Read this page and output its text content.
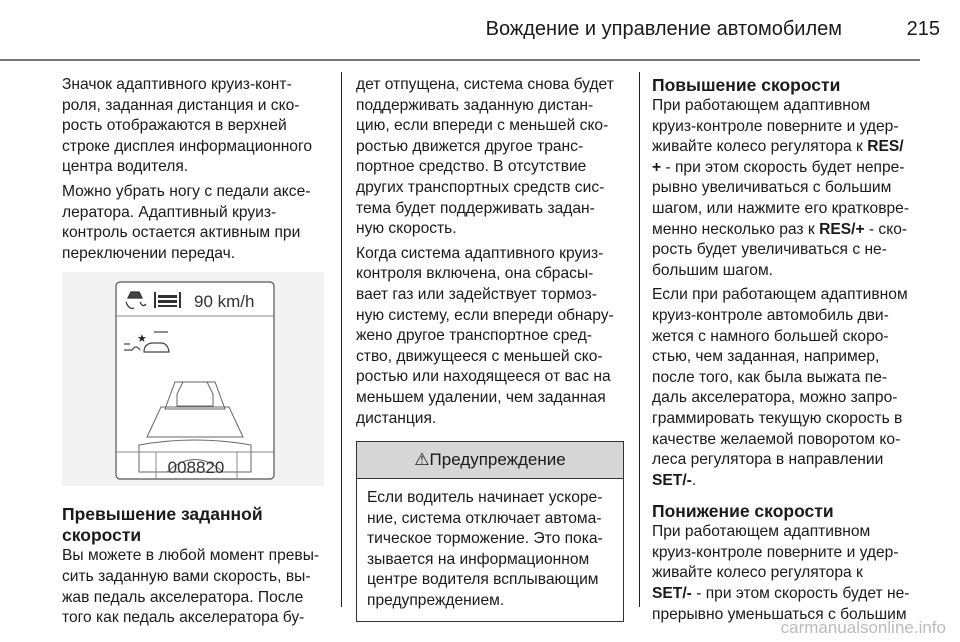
Вождение и управление автомобилем	215
Значок адаптивного круиз-конт-
роля, заданная дистанция и ско-
рость отображаются в верхней
строке дисплея информационного
центра водителя.
Можно убрать ногу с педали аксе-
лератора. Адаптивный круиз-
контроль остается активным при
переключении передач.
90 km/h
★
008820
Превышение заданной
скорости
Вы можете в любой момент превы-
сить заданную вами скорость, вы-
жав педаль акселератора. После
того как педаль акселератора бу-
дет отпущена, система снова будет
поддерживать заданную дистан-
цию, если впереди с меньшей ско-
ростью движется другое транс-
портное средство. В отсутствие
других транспортных средств сис-
тема будет поддерживать задан-
ную скорость.
Когда система адаптивного круиз-
контроля включена, она сбрасы-
вает газ или задействует тормоз-
ную систему, если впереди обнару-
жено другое транспортное сред-
ство, движущееся с меньшей ско-
ростью или находящееся от вас на
меньшем удалении, чем заданная
дистанция.
⚠Предупреждение
Если водитель начинает ускоре-
ние, система отключает автома-
тическое торможение. Это пока-
зывается на информационном
центре водителя всплывающим
предупреждением.
Повышение скорости
При работающем адаптивном
круиз-контроле поверните и удер-
живайте колесо регулятора к RES/
+ - при этом скорость будет непре-
рывно увеличиваться с большим
шагом, или нажмите его кратковре-
менно несколько раз к RES/+ - ско-
рость будет увеличиваться с не-
большим шагом.
Если при работающем адаптивном
круиз-контроле автомобиль дви-
жется с намного большей скоро-
стью, чем заданная, например,
после того, как была выжата пе-
даль акселератора, можно запро-
граммировать текущую скорость в
качестве желаемой поворотом ко-
леса регулятора в направлении
SET/-.
Понижение скорости
При работающем адаптивном
круиз-контроле поверните и удер-
живайте колесо регулятора к
SET/- - при этом скорость будет не-
прерывно уменьшаться с большим
carmanualsonline.info
